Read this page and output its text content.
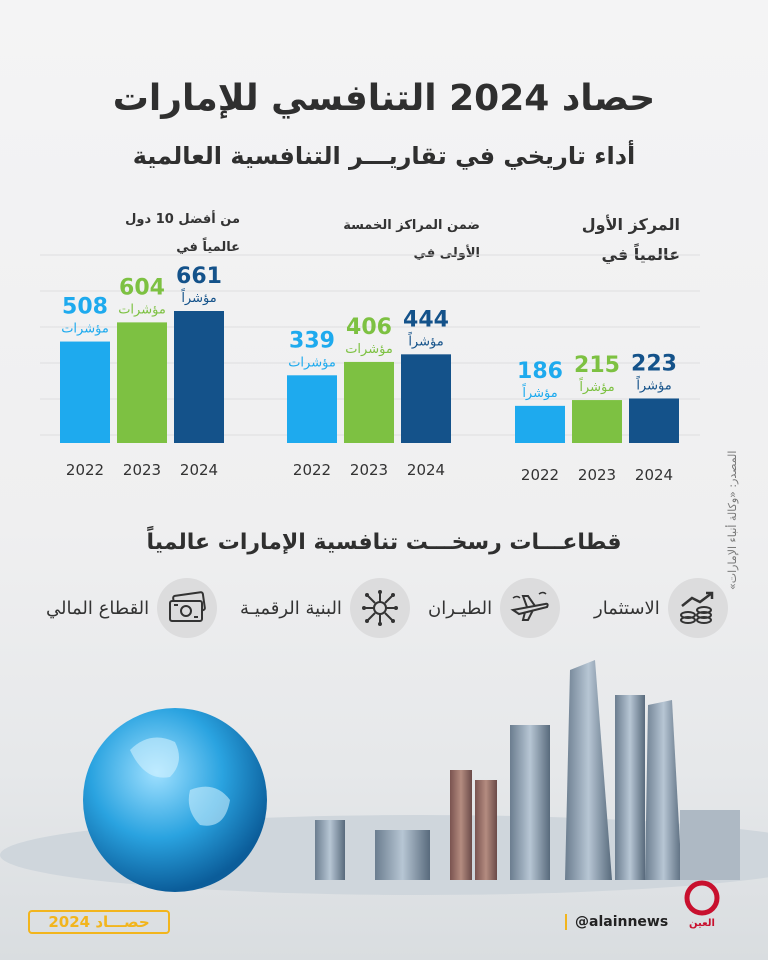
حصاد 2024 التنافسي للإمارات
أداء تاريخي في تقاريـــر التنافسية العالمية
من أفضل 10 دول عالمياً في
ضمن المراكز الخمسة الأولى في
المركز الأول عالمياً في
508
مؤشرات
2022
604
مؤشرات
2023
661
مؤشراً
2024
339
مؤشرات
2022
406
مؤشرات
2023
444
مؤشراً
2024
186
مؤشراً
2022
215
مؤشراً
2023
223
مؤشراً
2024	المصدر: «وكالة أنباء الإمارات»
قطاعـــات رسخـــت تنافسية الإمارات عالمياً
الاستثمار
الطيـران
البنية الرقميـة
القطاع المالي
حصـــاد 2024	@alainnews العين
